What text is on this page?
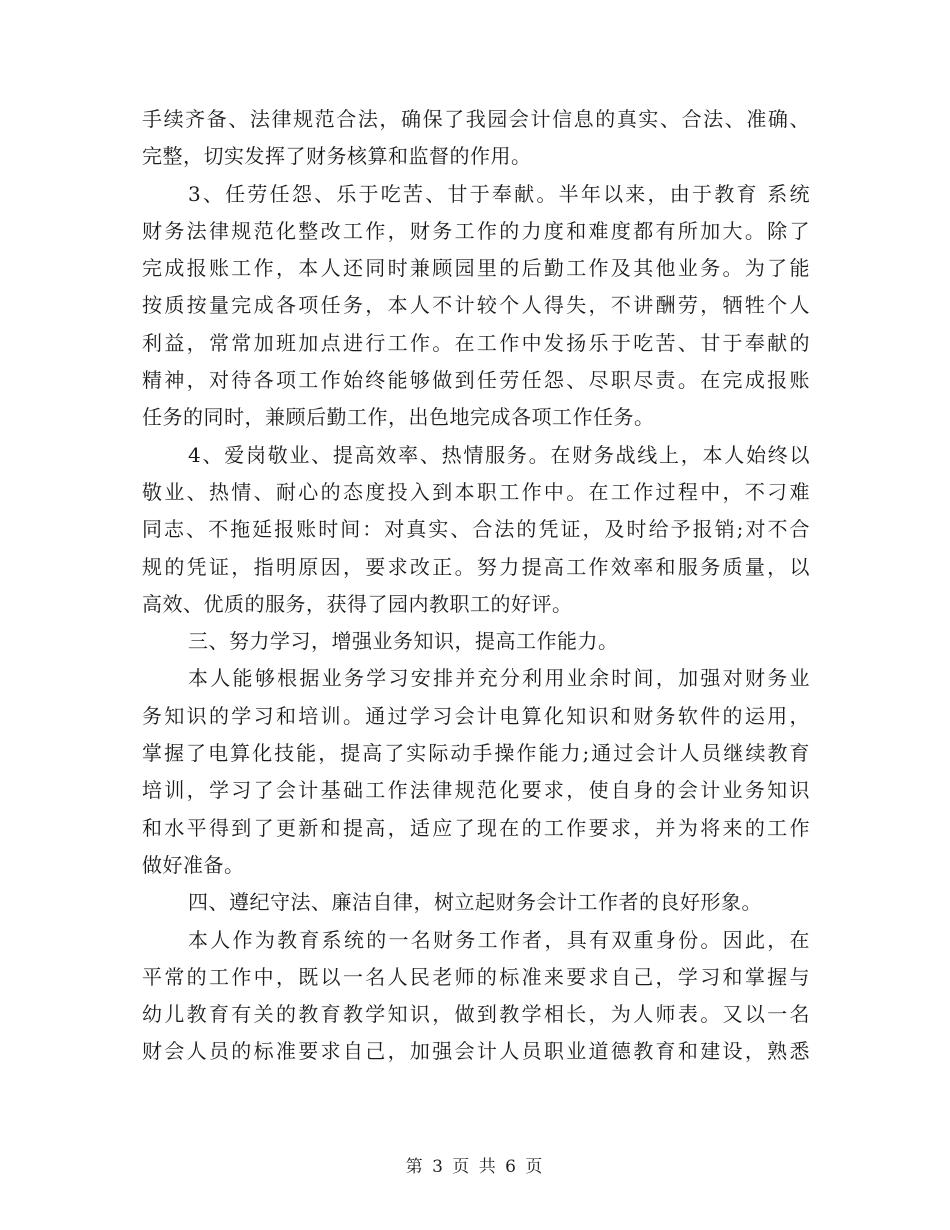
手续齐备、法律规范合法，确保了我园会计信息的真实、合法、准确、
完整，切实发挥了财务核算和监督的作用。
3、任劳任怨、乐于吃苦、甘于奉献。半年以来，由于教育 系统
财务法律规范化整改工作，财务工作的力度和难度都有所加大。除了
完成报账工作，本人还同时兼顾园里的后勤工作及其他业务。为了能
按质按量完成各项任务，本人不计较个人得失，不讲酬劳，牺牲个人
利益，常常加班加点进行工作。在工作中发扬乐于吃苦、甘于奉献的
精神，对待各项工作始终能够做到任劳任怨、尽职尽责。在完成报账
任务的同时，兼顾后勤工作，出色地完成各项工作任务。
4、爱岗敬业、提高效率、热情服务。在财务战线上，本人始终以
敬业、热情、耐心的态度投入到本职工作中。在工作过程中，不刁难
同志、不拖延报账时间：对真实、合法的凭证，及时给予报销;对不合
规的凭证，指明原因，要求改正。努力提高工作效率和服务质量，以
高效、优质的服务，获得了园内教职工的好评。
三、努力学习，增强业务知识，提高工作能力。
本人能够根据业务学习安排并充分利用业余时间，加强对财务业
务知识的学习和培训。通过学习会计电算化知识和财务软件的运用，
掌握了电算化技能，提高了实际动手操作能力;通过会计人员继续教育
培训，学习了会计基础工作法律规范化要求，使自身的会计业务知识
和水平得到了更新和提高，适应了现在的工作要求，并为将来的工作
做好准备。
四、遵纪守法、廉洁自律，树立起财务会计工作者的良好形象。
本人作为教育系统的一名财务工作者，具有双重身份。因此，在
平常的工作中，既以一名人民老师的标准来要求自己，学习和掌握与
幼儿教育有关的教育教学知识，做到教学相长，为人师表。又以一名
财会人员的标准要求自己，加强会计人员职业道德教育和建设，熟悉
第 3 页 共 6 页
